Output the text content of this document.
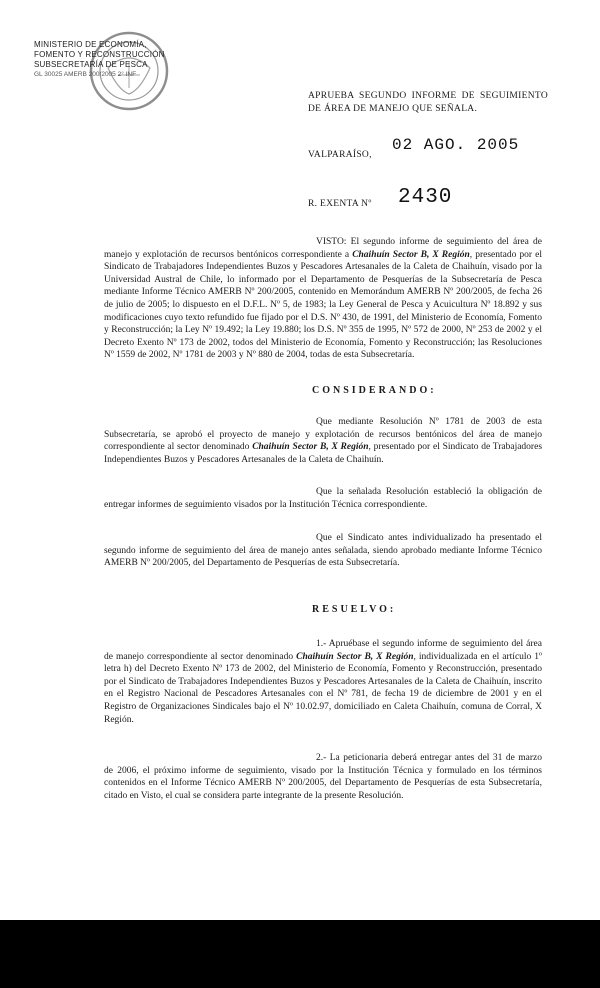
MINISTERIO DE ECONOMÍA,
FOMENTO Y RECONSTRUCCIÓN
SUBSECRETARÍA DE PESCA
GL 30025 AMERB 200/2005 2° INF
APRUEBA SEGUNDO INFORME DE SEGUIMIENTO DE ÁREA DE MANEJO QUE SEÑALA.
02 AGO. 2005
VALPARAÍSO,
2430
R. EXENTA Nº
VISTO: El segundo informe de seguimiento del área de manejo y explotación de recursos bentónicos correspondiente a Chaihuín Sector B, X Región, presentado por el Sindicato de Trabajadores Independientes Buzos y Pescadores Artesanales de la Caleta de Chaihuín, visado por la Universidad Austral de Chile, lo informado por el Departamento de Pesquerías de la Subsecretaría de Pesca mediante Informe Técnico AMERB Nº 200/2005, contenido en Memorándum AMERB Nº 200/2005, de fecha 26 de julio de 2005; lo dispuesto en el D.F.L. Nº 5, de 1983; la Ley General de Pesca y Acuicultura Nº 18.892 y sus modificaciones cuyo texto refundido fue fijado por el D.S. Nº 430, de 1991, del Ministerio de Economía, Fomento y Reconstrucción; la Ley Nº 19.492; la Ley 19.880; los D.S. Nº 355 de 1995, Nº 572 de 2000, Nº 253 de 2002 y el Decreto Exento Nº 173 de 2002, todos del Ministerio de Economía, Fomento y Reconstrucción; las Resoluciones Nº 1559 de 2002, Nº 1781 de 2003 y Nº 880 de 2004, todas de esta Subsecretaría.
CONSIDERANDO:
Que mediante Resolución Nº 1781 de 2003 de esta Subsecretaría, se aprobó el proyecto de manejo y explotación de recursos bentónicos del área de manejo correspondiente al sector denominado Chaihuín Sector B, X Región, presentado por el Sindicato de Trabajadores Independientes Buzos y Pescadores Artesanales de la Caleta de Chaihuín.
Que la señalada Resolución estableció la obligación de entregar informes de seguimiento visados por la Institución Técnica correspondiente.
Que el Sindicato antes individualizado ha presentado el segundo informe de seguimiento del área de manejo antes señalada, siendo aprobado mediante Informe Técnico AMERB Nº 200/2005, del Departamento de Pesquerías de esta Subsecretaría.
RESUELVO:
1.- Apruébase el segundo informe de seguimiento del área de manejo correspondiente al sector denominado Chaihuín Sector B, X Región, individualizada en el artículo 1º letra h) del Decreto Exento Nº 173 de 2002, del Ministerio de Economía, Fomento y Reconstrucción, presentado por el Sindicato de Trabajadores Independientes Buzos y Pescadores Artesanales de la Caleta de Chaihuín, inscrito en el Registro Nacional de Pescadores Artesanales con el Nº 781, de fecha 19 de diciembre de 2001 y en el Registro de Organizaciones Sindicales bajo el Nº 10.02.97, domiciliado en Caleta Chaihuín, comuna de Corral, X Región.
2.- La peticionaria deberá entregar antes del 31 de marzo de 2006, el próximo informe de seguimiento, visado por la Institución Técnica y formulado en los términos contenidos en el Informe Técnico AMERB Nº 200/2005, del Departamento de Pesquerías de esta Subsecretaría, citado en Visto, el cual se considera parte integrante de la presente Resolución.
